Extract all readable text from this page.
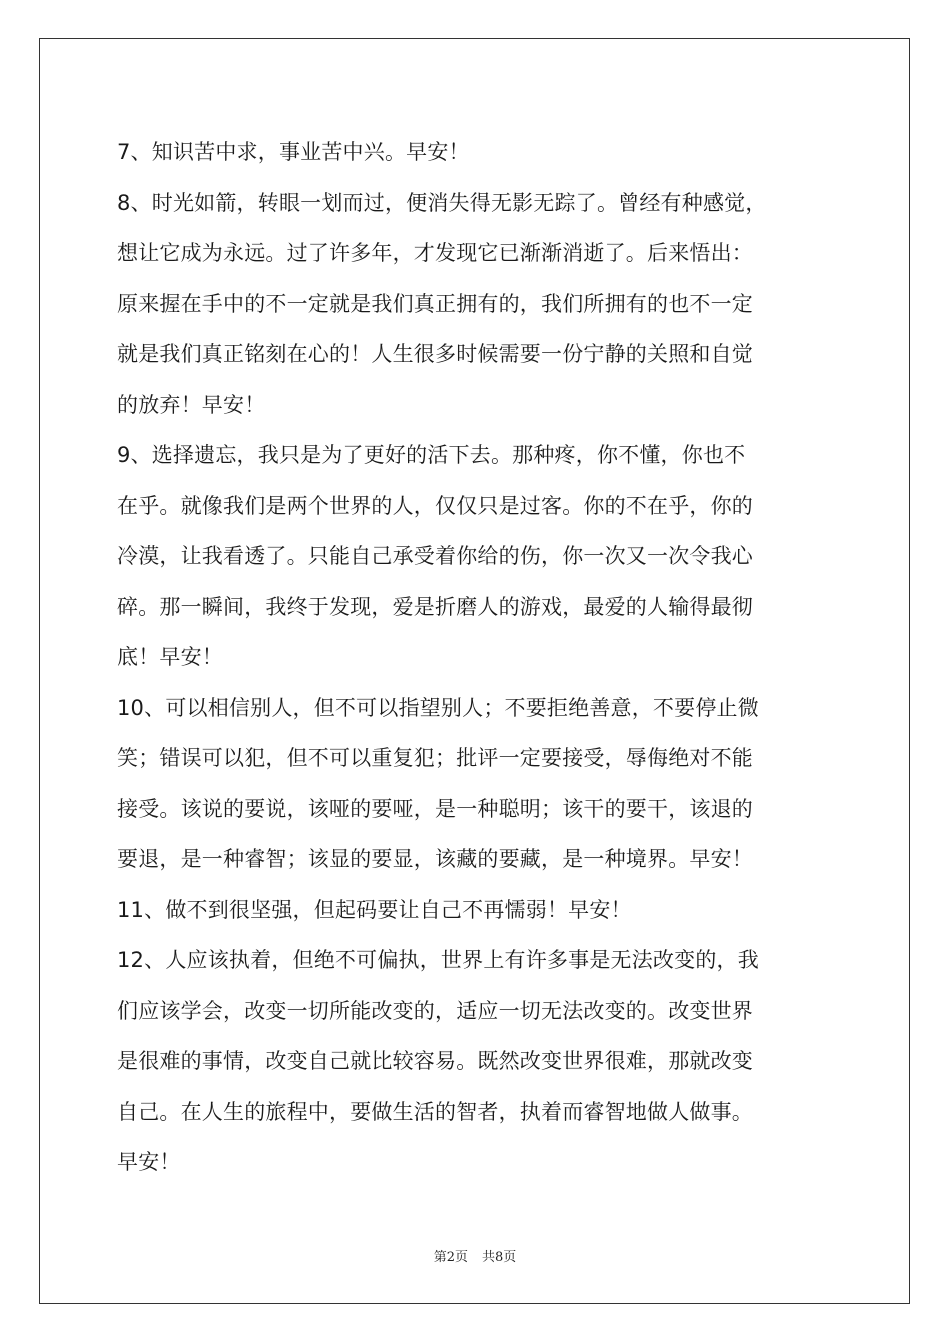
7、知识苦中求，事业苦中兴。早安！
8、时光如箭，转眼一划而过，便消失得无影无踪了。曾经有种感觉，
想让它成为永远。过了许多年，才发现它已渐渐消逝了。后来悟出：
原来握在手中的不一定就是我们真正拥有的，我们所拥有的也不一定
就是我们真正铭刻在心的！人生很多时候需要一份宁静的关照和自觉
的放弃！早安！
9、选择遗忘，我只是为了更好的活下去。那种疼，你不懂，你也不
在乎。就像我们是两个世界的人，仅仅只是过客。你的不在乎，你的
冷漠，让我看透了。只能自己承受着你给的伤，你一次又一次令我心
碎。那一瞬间，我终于发现，爱是折磨人的游戏，最爱的人输得最彻
底！早安！
10、可以相信别人，但不可以指望别人；不要拒绝善意，不要停止微
笑；错误可以犯，但不可以重复犯；批评一定要接受，辱侮绝对不能
接受。该说的要说，该哑的要哑，是一种聪明；该干的要干，该退的
要退，是一种睿智；该显的要显，该藏的要藏，是一种境界。早安！
11、做不到很坚强，但起码要让自己不再懦弱！早安！
12、人应该执着，但绝不可偏执，世界上有许多事是无法改变的，我
们应该学会，改变一切所能改变的，适应一切无法改变的。改变世界
是很难的事情，改变自己就比较容易。既然改变世界很难，那就改变
自己。在人生的旅程中，要做生活的智者，执着而睿智地做人做事。
早安！
第2页 共8页
